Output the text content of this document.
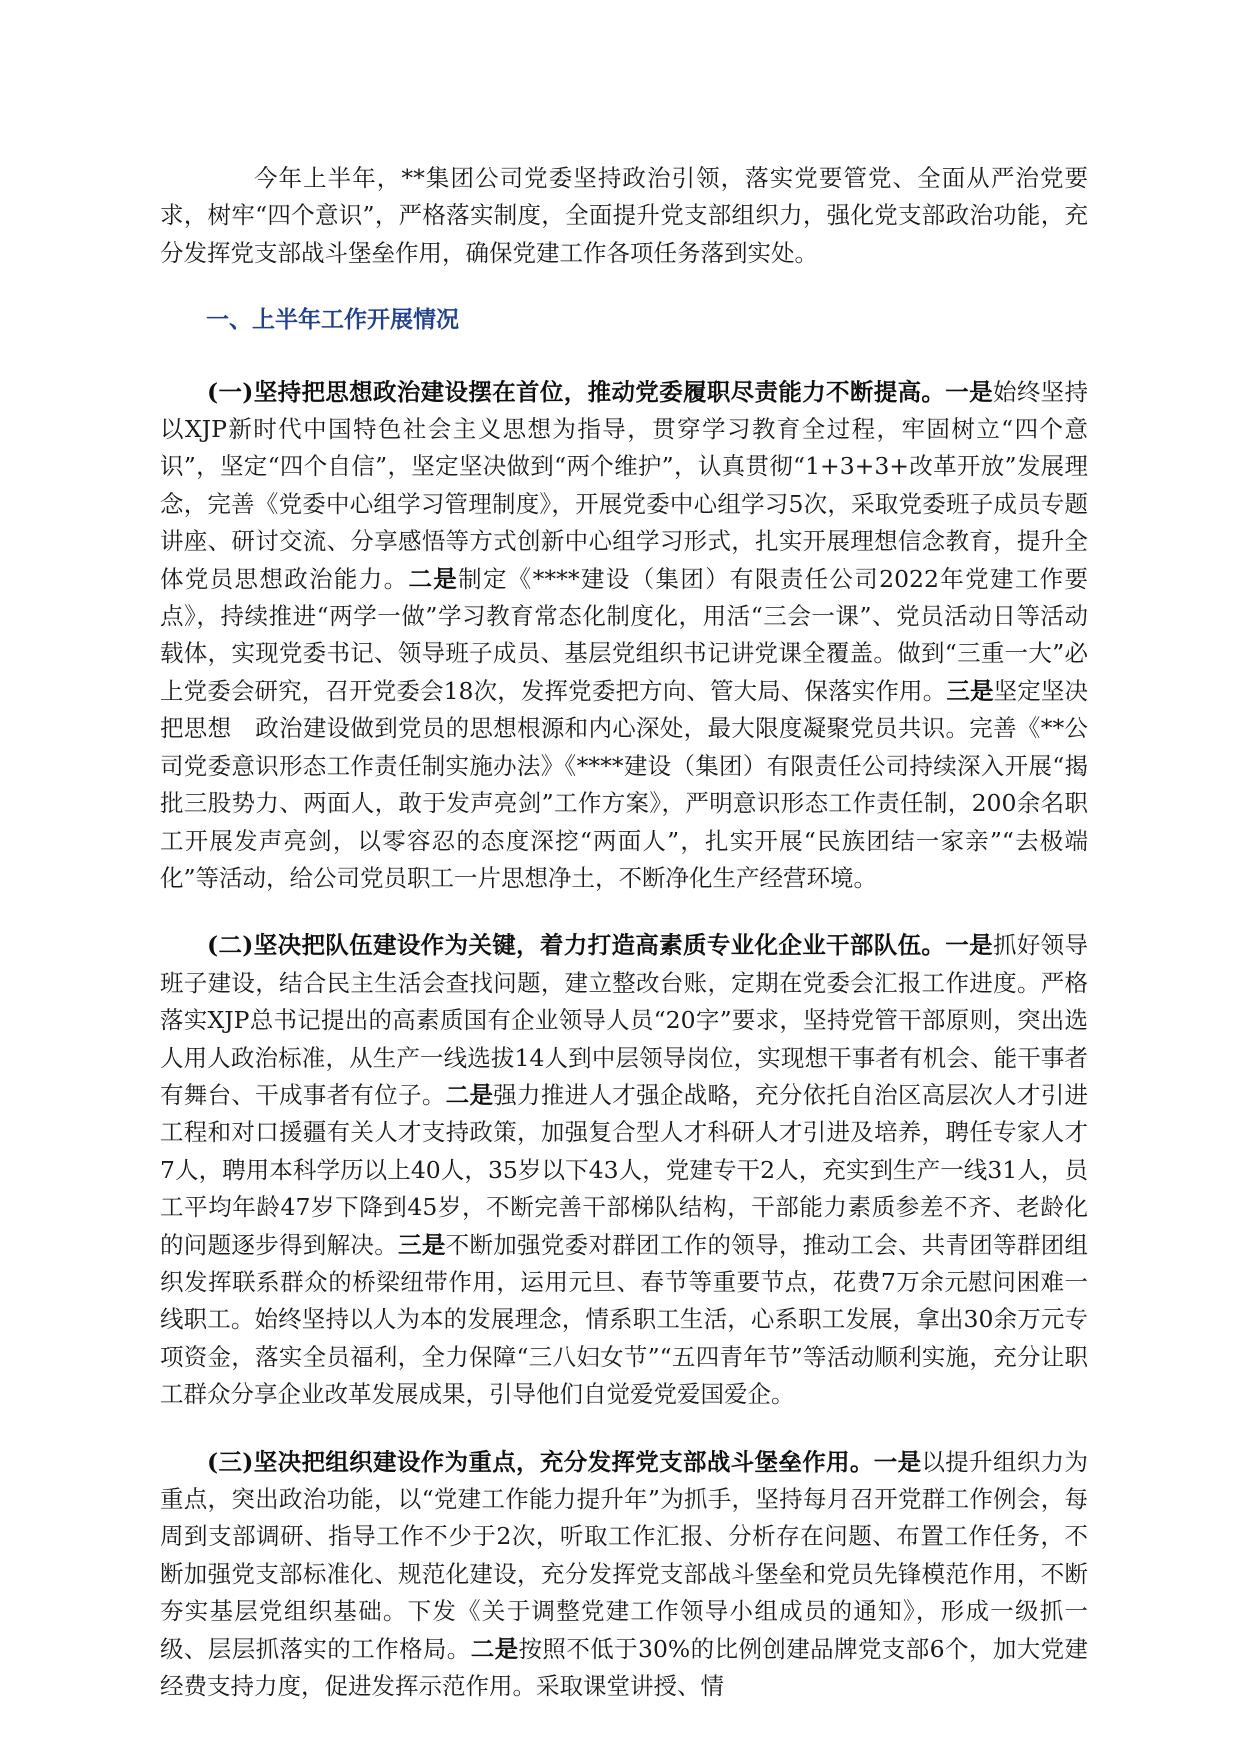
今年上半年，**集团公司党委坚持政治引领，落实党要管党、全面从严治党要求，树牢“四个意识”，严格落实制度，全面提升党支部组织力，强化党支部政治功能，充分发挥党支部战斗堡垒作用，确保党建工作各项任务落到实处。

一、上半年工作开展情况

(一)坚持把思想政治建设摆在首位，推动党委履职尽责能力不断提高。一是始终坚持以XJP新时代中国特色社会主义思想为指导，贯穿学习教育全过程，牢固树立“四个意识”，坚定“四个自信”，坚定坚决做到“两个维护”，认真贯彻“1+3+3+改革开放”发展理念，完善《党委中心组学习管理制度》，开展党委中心组学习5次，采取党委班子成员专题讲座、研讨交流、分享感悟等方式创新中心组学习形式，扎实开展理想信念教育，提升全体党员思想政治能力。二是制定《****建设（集团）有限责任公司2022年党建工作要点》，持续推进“两学一做”学习教育常态化制度化，用活“三会一课”、党员活动日等活动载体，实现党委书记、领导班子成员、基层党组织书记讲党课全覆盖。做到“三重一大”必上党委会研究，召开党委会18次，发挥党委把方向、管大局、保落实作用。三是坚定坚决把思想　政治建设做到党员的思想根源和内心深处，最大限度凝聚党员共识。完善《**公司党委意识形态工作责任制实施办法》《****建设（集团）有限责任公司持续深入开展“揭批三股势力、两面人，敢于发声亮剑”工作方案》，严明意识形态工作责任制，200余名职工开展发声亮剑，以零容忍的态度深挖“两面人”，扎实开展“民族团结一家亲”“去极端化”等活动，给公司党员职工一片思想净土，不断净化生产经营环境。

(二)坚决把队伍建设作为关键，着力打造高素质专业化企业干部队伍。一是抓好领导班子建设，结合民主生活会查找问题，建立整改台账，定期在党委会汇报工作进度。严格落实XJP总书记提出的高素质国有企业领导人员“20字”要求，坚持党管干部原则，突出选人用人政治标准，从生产一线选拔14人到中层领导岗位，实现想干事者有机会、能干事者有舞台、干成事者有位子。二是强力推进人才强企战略，充分依托自治区高层次人才引进工程和对口援疆有关人才支持政策，加强复合型人才科研人才引进及培养，聘任专家人才7人，聘用本科学历以上40人，35岁以下43人，党建专干2人，充实到生产一线31人，员工平均年龄47岁下降到45岁，不断完善干部梯队结构，干部能力素质参差不齐、老龄化的问题逐步得到解决。三是不断加强党委对群团工作的领导，推动工会、共青团等群团组织发挥联系群众的桥梁纽带作用，运用元旦、春节等重要节点，花费7万余元慰问困难一线职工。始终坚持以人为本的发展理念，情系职工生活，心系职工发展，拿出30余万元专项资金，落实全员福利，全力保障“三八妇女节”“五四青年节”等活动顺利实施，充分让职工群众分享企业改革发展成果，引导他们自觉爱党爱国爱企。

(三)坚决把组织建设作为重点，充分发挥党支部战斗堡垒作用。一是以提升组织力为重点，突出政治功能，以“党建工作能力提升年”为抓手，坚持每月召开党群工作例会，每周到支部调研、指导工作不少于2次，听取工作汇报、分析存在问题、布置工作任务，不断加强党支部标准化、规范化建设，充分发挥党支部战斗堡垒和党员先锋模范作用，不断夯实基层党组织基础。下发《关于调整党建工作领导小组成员的通知》，形成一级抓一级、层层抓落实的工作格局。二是按照不低于30%的比例创建品牌党支部6个，加大党建经费支持力度，促进发挥示范作用。采取课堂讲授、情
